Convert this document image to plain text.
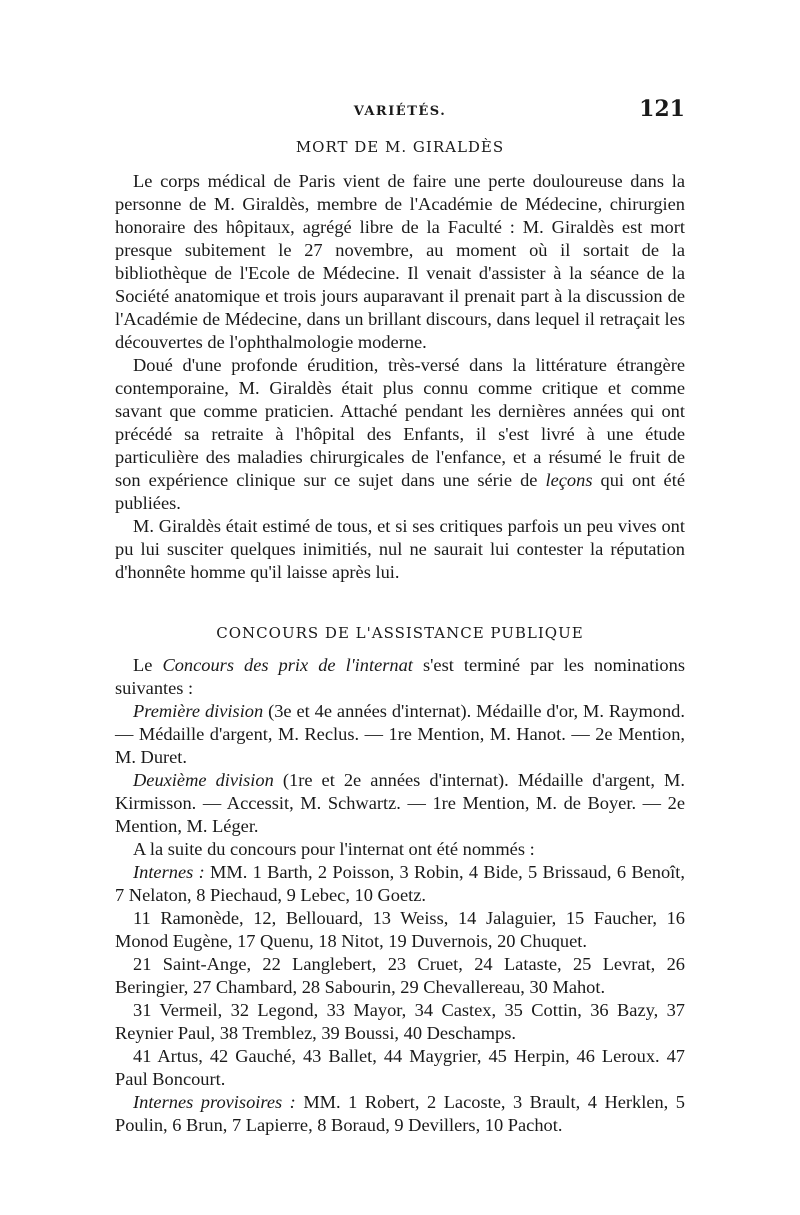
VARIÉTÉS.	121
MORT DE M. GIRALDÈS

Le corps médical de Paris vient de faire une perte douloureuse dans la personne de M. Giraldès, membre de l'Académie de Médecine, chirurgien honoraire des hôpitaux, agrégé libre de la Faculté : M. Giraldès est mort presque subitement le 27 novembre, au moment où il sortait de la bibliothèque de l'Ecole de Médecine. Il venait d'assister à la séance de la Société anatomique et trois jours auparavant il prenait part à la discussion de l'Académie de Médecine, dans un brillant discours, dans lequel il retraçait les découvertes de l'ophthalmologie moderne.

Doué d'une profonde érudition, très-versé dans la littérature étrangère contemporaine, M. Giraldès était plus connu comme critique et comme savant que comme praticien. Attaché pendant les dernières années qui ont précédé sa retraite à l'hôpital des Enfants, il s'est livré à une étude particulière des maladies chirurgicales de l'enfance, et a résumé le fruit de son expérience clinique sur ce sujet dans une série de leçons qui ont été publiées.

M. Giraldès était estimé de tous, et si ses critiques parfois un peu vives ont pu lui susciter quelques inimitiés, nul ne saurait lui contester la réputation d'honnête homme qu'il laisse après lui.

CONCOURS DE L'ASSISTANCE PUBLIQUE

Le Concours des prix de l'internat s'est terminé par les nominations suivantes :

Première division (3e et 4e années d'internat). Médaille d'or, M. Raymond. — Médaille d'argent, M. Reclus. — 1re Mention, M. Hanot. — 2e Mention, M. Duret.

Deuxième division (1re et 2e années d'internat). Médaille d'argent, M. Kirmisson. — Accessit, M. Schwartz. — 1re Mention, M. de Boyer. — 2e Mention, M. Léger.

A la suite du concours pour l'internat ont été nommés :

Internes : MM. 1 Barth, 2 Poisson, 3 Robin, 4 Bide, 5 Brissaud, 6 Benoît, 7 Nelaton, 8 Piechaud, 9 Lebec, 10 Goetz.

11 Ramonède, 12, Bellouard, 13 Weiss, 14 Jalaguier, 15 Faucher, 16 Monod Eugène, 17 Quenu, 18 Nitot, 19 Duvernois, 20 Chuquet.

21 Saint-Ange, 22 Langlebert, 23 Cruet, 24 Lataste, 25 Levrat, 26 Beringier, 27 Chambard, 28 Sabourin, 29 Chevallereau, 30 Mahot.

31 Vermeil, 32 Legond, 33 Mayor, 34 Castex, 35 Cottin, 36 Bazy, 37 Reynier Paul, 38 Tremblez, 39 Boussi, 40 Deschamps.

41 Artus, 42 Gauché, 43 Ballet, 44 Maygrier, 45 Herpin, 46 Leroux. 47 Paul Boncourt.

Internes provisoires : MM. 1 Robert, 2 Lacoste, 3 Brault, 4 Herklen, 5 Poulin, 6 Brun, 7 Lapierre, 8 Boraud, 9 Devillers, 10 Pachot.
